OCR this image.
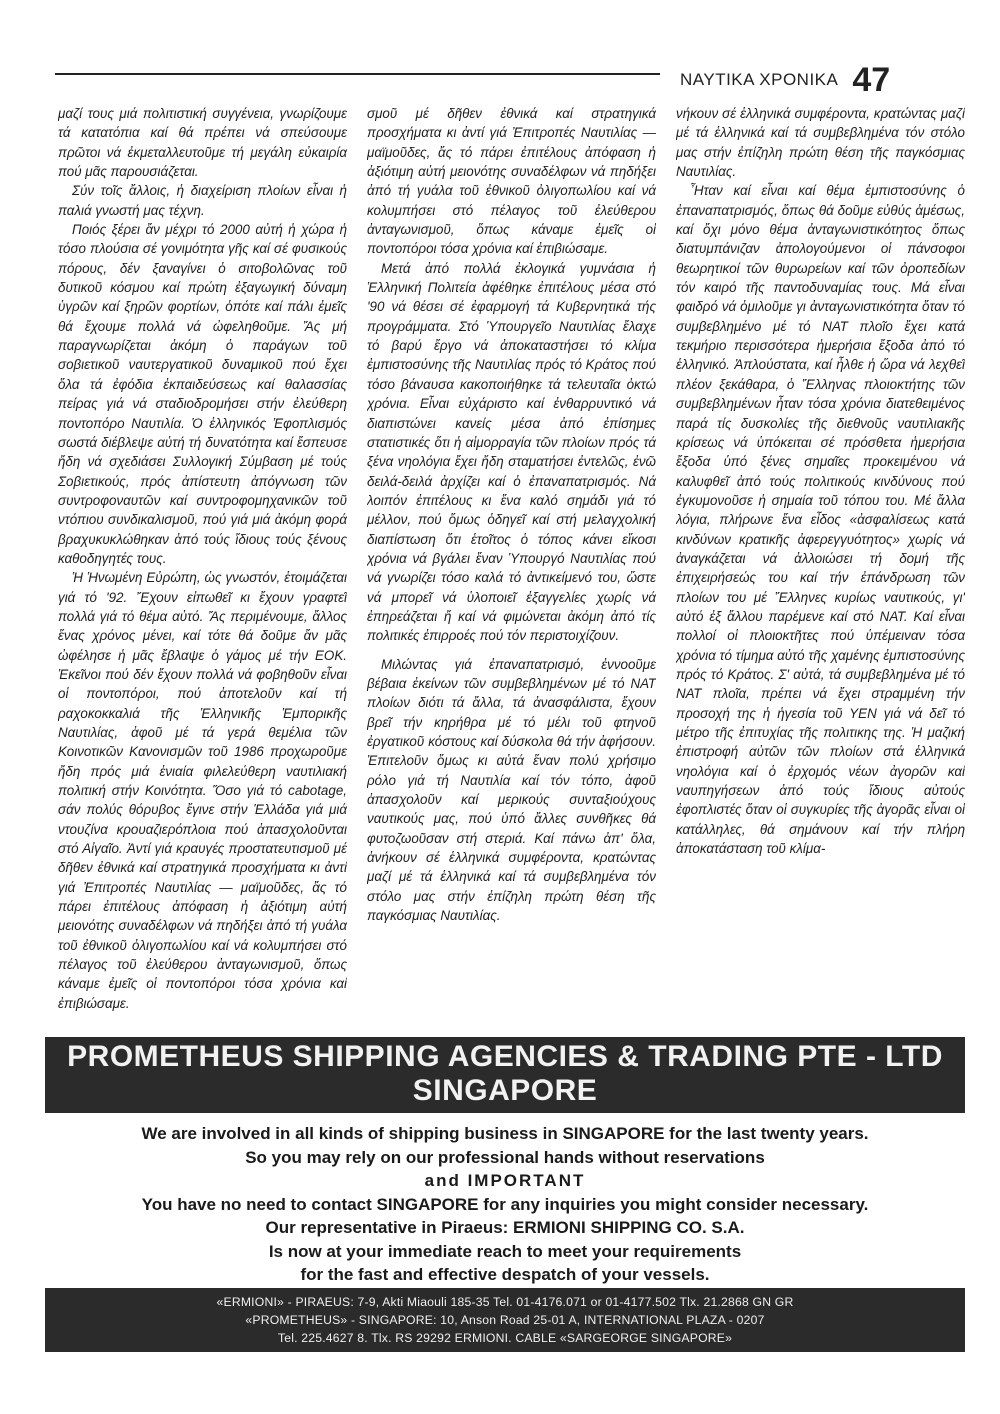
ΝΑΥΤΙΚΑ ΧΡΟΝΙΚΑ 47

μαζί τους μιά πολιτιστική συγγένεια, γνωρίζουμε τά κατατόπια καί θά πρέπει νά σπεύσουμε πρῶτοι νά ἐκμεταλλευτοῦμε τή μεγάλη εὐκαιρία πού μᾶς παρουσιάζεται.

Σύν τοῖς ἄλλοις, ἡ διαχείριση πλοίων εἶναι ἡ παλιά γνωστή μας τέχνη.

Ποιός ξέρει ἄν μέχρι τό 2000 αὐτή ἡ χώρα ἡ τόσο πλούσια σέ γονιμότητα γῆς καί σέ φυσικούς πόρους, δέν ξαναγίνει ὁ σιτοβολῶνας τοῦ δυτικοῦ κόσμου καί πρώτη ἐξαγωγική δύναμη ὑγρῶν καί ξηρῶν φορτίων, ὁπότε καί πάλι ἐμεῖς θά ἔχουμε πολλά νά ὠφεληθοῦμε. Ἄς μή παραγνωρίζεται ἀκόμη ὁ παράγων τοῦ σοβιετικοῦ ναυτεργατικοῦ δυναμικοῦ πού ἔχει ὅλα τά ἐφόδια ἐκπαιδεύσεως καί θαλασσίας πείρας γιά νά σταδιοδρομήσει στήν ἐλεύθερη ποντοπόρο Ναυτιλία. Ὁ ἑλληνικός Ἐφοπλισμός σωστά διέβλεψε αὐτή τή δυνατότητα καί ἔσπευσε ἤδη νά σχεδιάσει Συλλογική Σύμβαση μέ τούς Σοβιετικούς, πρός ἀπίστευτη ἀπόγνωση τῶν συντροφοναυτῶν καί συντροφομηχανικῶν τοῦ ντόπιου συνδικαλισμοῦ, πού γιά μιά ἀκόμη φορά βραχυκυκλώθηκαν ἀπό τούς ἴδιους τούς ξένους καθοδηγητές τους.

Ἡ Ἡνωμένη Εὐρώπη, ὡς γνωστόν, ἑτοιμάζεται γιά τό '92. Ἔχουν εἰπωθεῖ κι ἔχουν γραφτεῖ πολλά γιά τό θέμα αὐτό. Ἄς περιμένουμε, ἄλλος ἕνας χρόνος μένει, καί τότε θά δοῦμε ἄν μᾶς ὠφέλησε ἡ μᾶς ἔβλαψε ὁ γάμος μέ τήν ΕΟΚ. Ἐκεῖνοι πού δέν ἔχουν πολλά νά φοβηθοῦν εἶναι οἱ ποντοπόροι, πού ἀποτελοῦν καί τή ραχοκοκκαλιά τῆς Ἑλληνικῆς Ἐμπορικῆς Ναυτιλίας, ἀφοῦ μέ τά γερά θεμέλια τῶν Κοινοτικῶν Κανονισμῶν τοῦ 1986 προχωροῦμε ἤδη πρός μιά ἑνιαία φιλελεύθερη ναυτιλιακή πολιτική στήν Κοινότητα. Ὅσο γιά τό cabotage, σάν πολύς θόρυβος ἔγινε στήν Ἑλλάδα γιά μιά ντουζίνα κρουαζιερόπλοια πού ἀπασχολοῦνται στό Αἰγαῖο. Ἀντί γιά κραυγές προστατευτισμοῦ μέ δῆθεν ἐθνικά καί στρατηγικά προσχήματα κι ἀντί γιά Ἐπιτροπές Ναυτιλίας — μαϊμοῦδες, ἄς τό πάρει ἐπιτέλους ἀπόφαση ἡ ἀξιότιμη αὐτή μειονότης συναδέλφων νά πηδήξει ἀπό τή γυάλα τοῦ ἐθνικοῦ ὀλιγοπωλίου καί νά κολυμπήσει στό πέλαγος τοῦ ἐλεύθερου ἀνταγωνισμοῦ, ὅπως κάναμε ἐμεῖς οἱ ποντοπόροι τόσα χρόνια καί ἐπιβιώσαμε.

σμοῦ μέ δῆθεν ἐθνικά καί στρατηγικά προσχήματα κι ἀντί γιά Ἐπιτροπές Ναυτιλίας — μαϊμοῦδες, ἄς τό πάρει ἐπιτέλους ἀπόφαση ἡ ἀξιότιμη αὐτή μειονότης συναδέλφων νά πηδήξει ἀπό τή γυάλα τοῦ ἐθνικοῦ ὀλιγοπωλίου καί νά κολυμπήσει στό πέλαγος τοῦ ἐλεύθερου ἀνταγωνισμοῦ, ὅπως κάναμε ἐμεῖς οἱ ποντοπόροι τόσα χρόνια καί ἐπιβιώσαμε.

Μετά ἀπό πολλά ἐκλογικά γυμνάσια ἡ Ἑλληνική Πολιτεία ἀφέθηκε ἐπιτέλους μέσα στό '90 νά θέσει σέ ἐφαρμογή τά Κυβερνητικά τής προγράμματα. Στό Ὑπουργεῖο Ναυτιλίας ἔλαχε τό βαρύ ἔργο νά ἀποκαταστήσει τό κλίμα ἐμπιστοσύνης τῆς Ναυτιλίας πρός τό Κράτος πού τόσο βάναυσα κακοποιήθηκε τά τελευταῖα ὀκτώ χρόνια. Εἶναι εὐχάριστο καί ἐνθαρρυντικό νά διαπιστώνει κανείς μέσα ἀπό ἐπίσημες στατιστικές ὅτι ἡ αἱμορραγία τῶν πλοίων πρός τά ξένα νηολόγια ἔχει ἤδη σταματήσει ἐντελῶς, ἐνῶ δειλά-δειλά ἀρχίζει καί ὁ ἐπαναπατρισμός. Νά λοιπόν ἐπιτέλους κι ἕνα καλό σημάδι γιά τό μέλλον, πού ὅμως ὁδηγεῖ καί στή μελαγχολική διαπίστωση ὅτι ἑτοῖτος ὁ τόπος κάνει εἴκοσι χρόνια νά βγάλει ἕναν Ὑπουργό Ναυτιλίας πού νά γνωρίζει τόσο καλά τό ἀντικείμενό του, ὥστε νά μπορεῖ νά ὑλοποιεῖ ἐξαγγελίες χωρίς νά ἐπηρεάζεται ἤ καί νά φιμώνεται ἀκόμη ἀπό τίς πολιτικές ἐπιρροές πού τόν περιστοιχίζουν.

Μιλώντας γιά ἐπαναπατρισμό, ἐννοοῦμε βέβαια ἐκείνων τῶν συμβεβλημένων μέ τό ΝΑΤ πλοίων διότι τά ἄλλα, τά ἀνασφάλιστα, ἔχουν βρεῖ τήν κηρήθρα μέ τό μέλι τοῦ φτηνοῦ ἐργατικοῦ κόστους καί δύσκολα θά τήν ἀφήσουν. Ἐπιτελοῦν ὅμως κι αὐτά ἕναν πολύ χρήσιμο ρόλο γιά τή Ναυτιλία καί τόν τόπο, ἀφοῦ ἀπασχολοῦν καί μερικούς συνταξιούχους ναυτικούς μας, πού ὑπό ἄλλες συνθῆκες θά φυτοζωοῦσαν στή στεριά. Καί πάνω ἀπ' ὅλα, ἀνήκουν σέ ἑλληνικά συμφέροντα, κρατώντας μαζί μέ τά ἑλληνικά καί τά συμβεβλημένα τόν στόλο μας στήν ἐπίζηλη πρώτη θέση τῆς παγκόσμιας Ναυτιλίας.

νήκουν σέ ἑλληνικά συμφέροντα, κρατώντας μαζί μέ τά ἑλληνικά καί τά συμβεβλημένα τόν στόλο μας στήν ἐπίζηλη πρώτη θέση τῆς παγκόσμιας Ναυτιλίας.

Ἦταν καί εἶναι καί θέμα ἐμπιστοσύνης ὁ ἐπαναπατρισμός, ὅπως θά δοῦμε εὐθύς ἀμέσως, καί ὄχι μόνο θέμα ἀνταγωνιστικότητος ὅπως διατυμπάνιζαν ἀπολογούμενοι οἱ πάνσοφοι θεωρητικοί τῶν θυρωρείων καί τῶν ὀροπεδίων τόν καιρό τῆς παντοδυναμίας τους. Μά εἶναι φαιδρό νά ὁμιλοῦμε γι ἀνταγωνιστικότητα ὅταν τό συμβεβλημένο μέ τό ΝΑΤ πλοῖο ἔχει κατά τεκμήριο περισσότερα ἡμερήσια ἔξοδα ἀπό τό ἑλληνικό. Ἁπλούστατα, καί ἦλθε ἡ ὥρα νά λεχθεῖ πλέον ξεκάθαρα, ὁ Ἕλληνας πλοιοκτήτης τῶν συμβεβλημένων ἦταν τόσα χρόνια διατεθειμένος παρά τίς δυσκολίες τῆς διεθνοῦς ναυτιλιακῆς κρίσεως νά ὑπόκειται σέ πρόσθετα ἡμερήσια ἔξοδα ὑπό ξένες σημαῖες προκειμένου νά καλυφθεῖ ἀπό τούς πολιτικούς κινδύνους πού ἐγκυμονοῦσε ἡ σημαία τοῦ τόπου του. Μέ ἄλλα λόγια, πλήρωνε ἕνα εἶδος «ἀσφαλίσεως κατά κινδύνων κρατικῆς ἀφερεγγυότητος» χωρίς νά ἀναγκάζεται νά ἀλλοιώσει τή δομή τῆς ἐπιχειρήσεώς του καί τήν ἐπάνδρωση τῶν πλοίων του μέ Ἕλληνες κυρίως ναυτικούς, γι' αὐτό ἐξ ἄλλου παρέμενε καί στό ΝΑΤ. Καί εἶναι πολλοί οἱ πλοιοκτῆτες πού ὑπέμειναν τόσα χρόνια τό τίμημα αὐτό τῆς χαμένης ἐμπιστοσύνης πρός τό Κράτος. Σ' αὐτά, τά συμβεβλημένα μέ τό ΝΑΤ πλοῖα, πρέπει νά ἔχει στραμμένη τήν προσοχή της ἡ ἡγεσία τοῦ ΥΕΝ γιά νά δεῖ τό μέτρο τῆς ἐπιτυχίας τῆς πολιτικης της. Ἡ μαζική ἐπιστροφή αὐτῶν τῶν πλοίων στά ἑλληνικά νηολόγια καί ὁ ἐρχομός νέων ἀγορῶν καί ναυπηγήσεων ἀπό τούς ἴδιους αὐτούς ἐφοπλιστές ὅταν οἱ συγκυρίες τῆς ἀγορᾶς εἶναι οἱ κατάλληλες, θά σημάνουν καί τήν πλήρη ἀποκατάσταση τοῦ κλίμα-

PROMETHEUS SHIPPING AGENCIES & TRADING PTE - LTD
SINGAPORE
We are involved in all kinds of shipping business in SINGAPORE for the last twenty years.
So you may rely on our professional hands without reservations
and IMPORTANT
You have no need to contact SINGAPORE for any inquiries you might consider necessary.
Our representative in Piraeus: ERMIONI SHIPPING CO. S.A.
Is now at your immediate reach to meet your requirements
for the fast and effective despatch of your vessels.
«ERMIONI» - PIRAEUS: 7-9, Akti Miaouli 185-35 Tel. 01-4176.071 or 01-4177.502 Tlx. 21.2868 GN GR
«PROMETHEUS» - SINGAPORE: 10, Anson Road 25-01 A, INTERNATIONAL PLAZA - 0207
Tel. 225.4627 8. Tlx. RS 29292 ERMIONI. CABLE «SARGEORGE SINGAPORE»
